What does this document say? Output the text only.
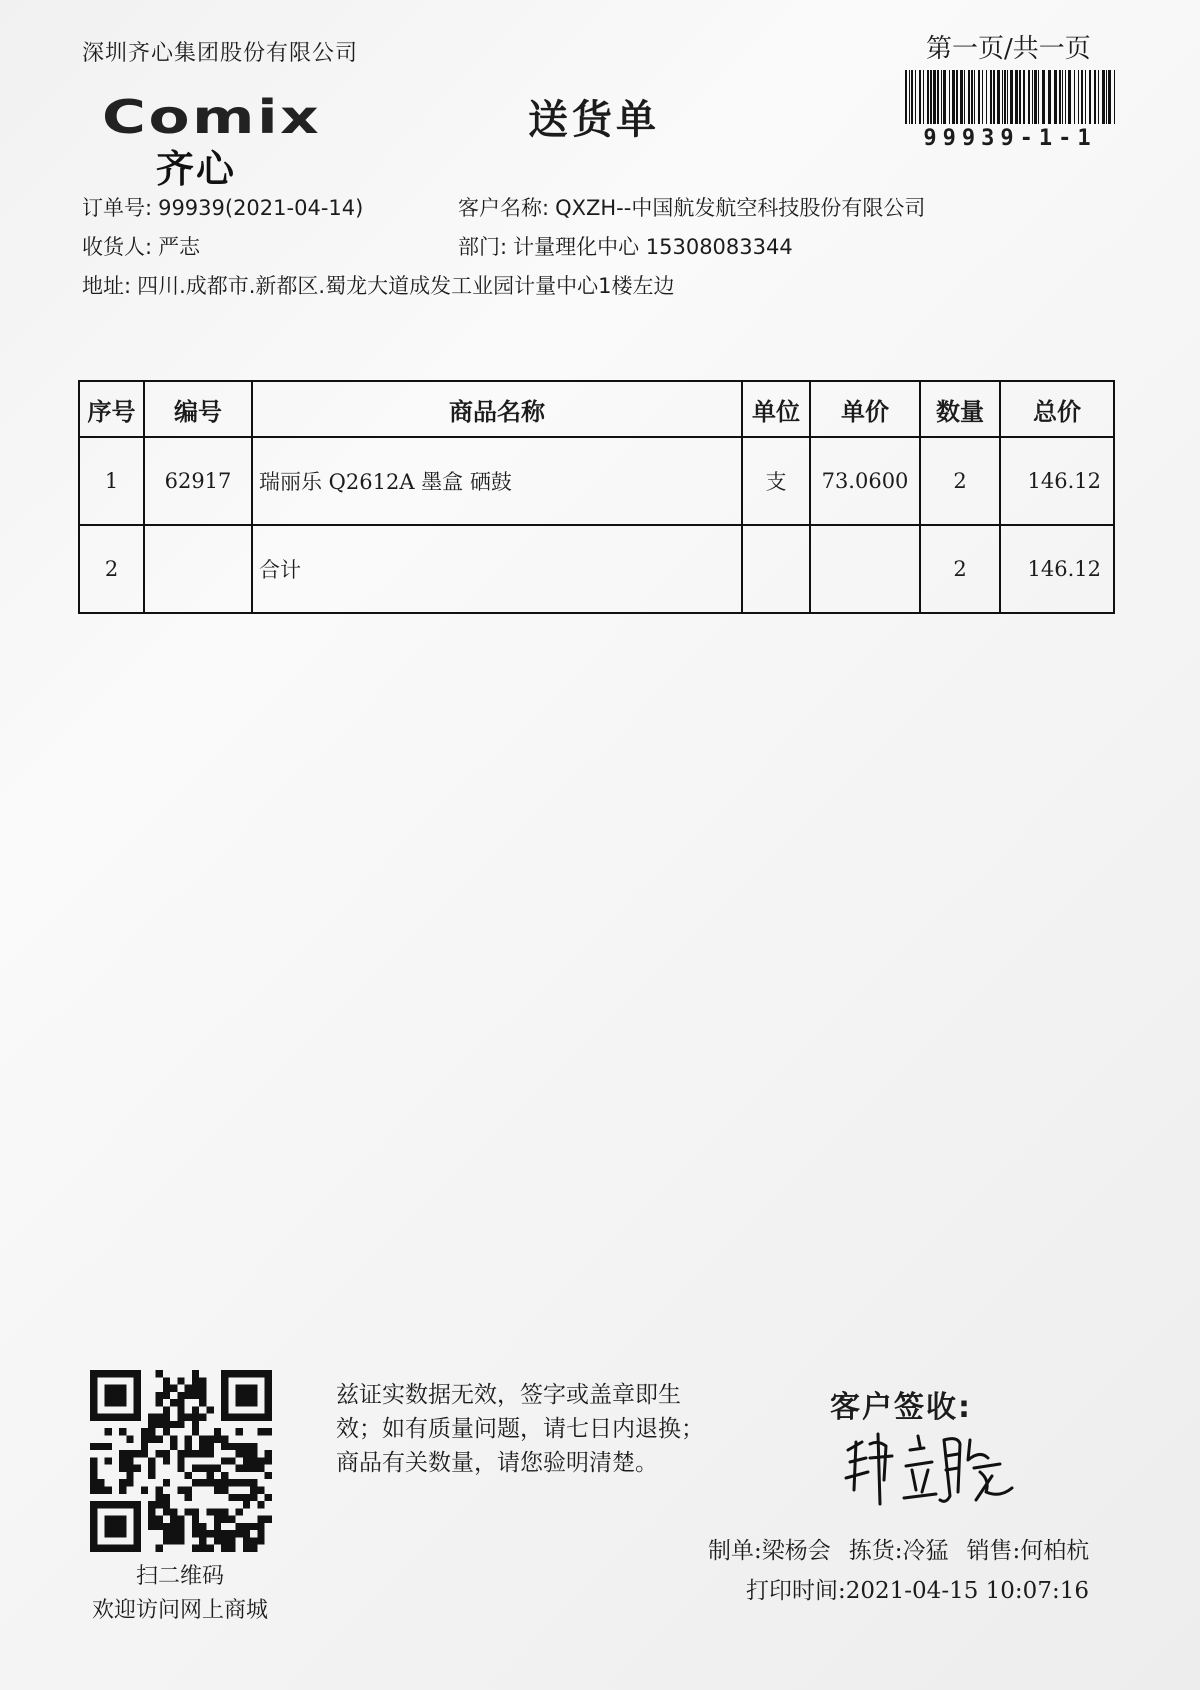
深圳齐心集团股份有限公司	第一页/共一页
99939-1-1
Comix
齐心
送货单
订单号: 99939(2021-04-14)	客户名称: QXZH--中国航发航空科技股份有限公司
收货人: 严志	部门: 计量理化中心 15308083344
地址: 四川.成都市.新都区.蜀龙大道成发工业园计量中心1楼左边
序号	编号	商品名称	单位	单价	数量	总价
1	62917	瑞丽乐 Q2612A 墨盒 硒鼓	支	73.0600	2	146.12
2		合计			2	146.12
扫二维码
欢迎访问网上商城
兹证实数据无效，签字或盖章即生
效；如有质量问题，请七日内退换；
商品有关数量，请您验明清楚。
客户签收:
制单:梁杨会 拣货:冷猛 销售:何柏杭
打印时间:2021-04-15 10:07:16
